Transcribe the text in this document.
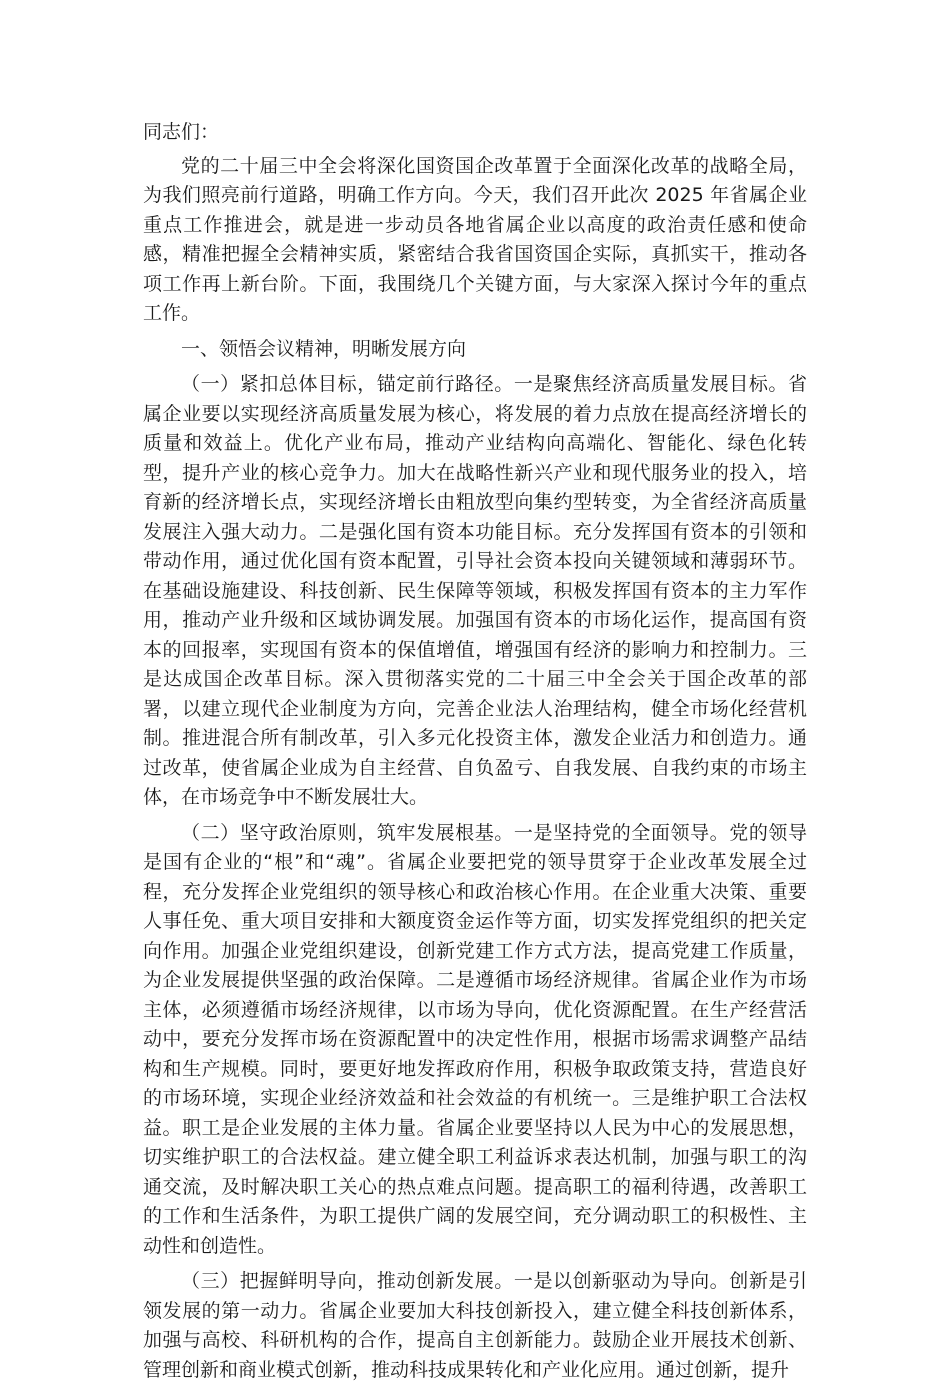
同志们：

党的二十届三中全会将深化国资国企改革置于全面深化改革的战略全局，为我们照亮前行道路，明确工作方向。今天，我们召开此次 2025 年省属企业重点工作推进会，就是进一步动员各地省属企业以高度的政治责任感和使命感，精准把握全会精神实质，紧密结合我省国资国企实际，真抓实干，推动各项工作再上新台阶。下面，我围绕几个关键方面，与大家深入探讨今年的重点工作。

一、领悟会议精神，明晰发展方向

（一）紧扣总体目标，锚定前行路径。一是聚焦经济高质量发展目标。省属企业要以实现经济高质量发展为核心，将发展的着力点放在提高经济增长的质量和效益上。优化产业布局，推动产业结构向高端化、智能化、绿色化转型，提升产业的核心竞争力。加大在战略性新兴产业和现代服务业的投入，培育新的经济增长点，实现经济增长由粗放型向集约型转变，为全省经济高质量发展注入强大动力。二是强化国有资本功能目标。充分发挥国有资本的引领和带动作用，通过优化国有资本配置，引导社会资本投向关键领域和薄弱环节。在基础设施建设、科技创新、民生保障等领域，积极发挥国有资本的主力军作用，推动产业升级和区域协调发展。加强国有资本的市场化运作，提高国有资本的回报率，实现国有资本的保值增值，增强国有经济的影响力和控制力。三是达成国企改革目标。深入贯彻落实党的二十届三中全会关于国企改革的部署，以建立现代企业制度为方向，完善企业法人治理结构，健全市场化经营机制。推进混合所有制改革，引入多元化投资主体，激发企业活力和创造力。通过改革，使省属企业成为自主经营、自负盈亏、自我发展、自我约束的市场主体，在市场竞争中不断发展壮大。

（二）坚守政治原则，筑牢发展根基。一是坚持党的全面领导。党的领导是国有企业的“根”和“魂”。省属企业要把党的领导贯穿于企业改革发展全过程，充分发挥企业党组织的领导核心和政治核心作用。在企业重大决策、重要人事任免、重大项目安排和大额度资金运作等方面，切实发挥党组织的把关定向作用。加强企业党组织建设，创新党建工作方式方法，提高党建工作质量，为企业发展提供坚强的政治保障。二是遵循市场经济规律。省属企业作为市场主体，必须遵循市场经济规律，以市场为导向，优化资源配置。在生产经营活动中，要充分发挥市场在资源配置中的决定性作用，根据市场需求调整产品结构和生产规模。同时，要更好地发挥政府作用，积极争取政策支持，营造良好的市场环境，实现企业经济效益和社会效益的有机统一。三是维护职工合法权益。职工是企业发展的主体力量。省属企业要坚持以人民为中心的发展思想，切实维护职工的合法权益。建立健全职工利益诉求表达机制，加强与职工的沟通交流，及时解决职工关心的热点难点问题。提高职工的福利待遇，改善职工的工作和生活条件，为职工提供广阔的发展空间，充分调动职工的积极性、主动性和创造性。

（三）把握鲜明导向，推动创新发展。一是以创新驱动为导向。创新是引领发展的第一动力。省属企业要加大科技创新投入，建立健全科技创新体系，加强与高校、科研机构的合作，提高自主创新能力。鼓励企业开展技术创新、管理创新和商业模式创新，推动科技成果转化和产业化应用。通过创新，提升
